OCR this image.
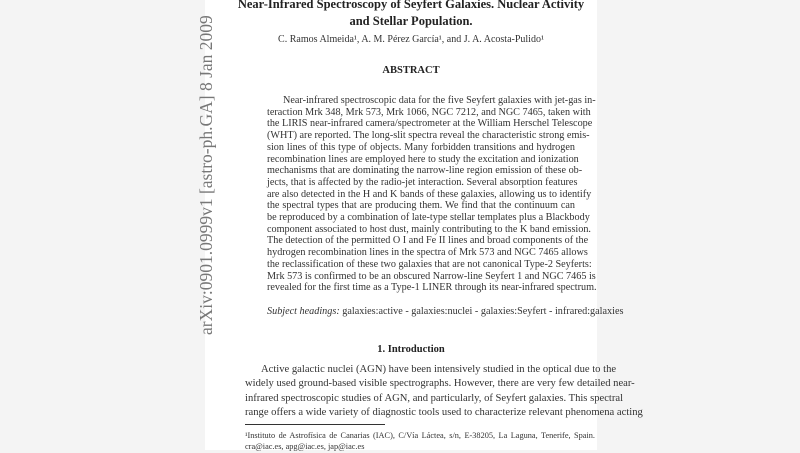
Near-Infrared Spectroscopy of Seyfert Galaxies. Nuclear Activity
and Stellar Population.
C. Ramos Almeida¹, A. M. Pérez García¹, and J. A. Acosta-Pulido¹
ABSTRACT
Near-infrared spectroscopic data for the five Seyfert galaxies with jet-gas in-
teraction Mrk 348, Mrk 573, Mrk 1066, NGC 7212, and NGC 7465, taken with
the LIRIS near-infrared camera/spectrometer at the William Herschel Telescope
(WHT) are reported. The long-slit spectra reveal the characteristic strong emis-
sion lines of this type of objects. Many forbidden transitions and hydrogen
recombination lines are employed here to study the excitation and ionization
mechanisms that are dominating the narrow-line region emission of these ob-
jects, that is affected by the radio-jet interaction. Several absorption features
are also detected in the H and K bands of these galaxies, allowing us to identify
the spectral types that are producing them. We find that the continuum can
be reproduced by a combination of late-type stellar templates plus a Blackbody
component associated to host dust, mainly contributing to the K band emission.
The detection of the permitted O I and Fe II lines and broad components of the
hydrogen recombination lines in the spectra of Mrk 573 and NGC 7465 allows
the reclassification of these two galaxies that are not canonical Type-2 Seyferts:
Mrk 573 is confirmed to be an obscured Narrow-line Seyfert 1 and NGC 7465 is
revealed for the first time as a Type-1 LINER through its near-infrared spectrum.
Subject headings: galaxies:active - galaxies:nuclei - galaxies:Seyfert - infrared:galaxies
1. Introduction
Active galactic nuclei (AGN) have been intensively studied in the optical due to the
widely used ground-based visible spectrographs. However, there are very few detailed near-
infrared spectroscopic studies of AGN, and particularly, of Seyfert galaxies. This spectral
range offers a wide variety of diagnostic tools used to characterize relevant phenomena acting
¹Instituto de Astrofísica de Canarias (IAC), C/Vía Láctea, s/n, E-38205, La Laguna, Tenerife, Spain.
cra@iac.es, apg@iac.es, jap@iac.es
arXiv:0901.0999v1 [astro-ph.GA] 8 Jan 2009
